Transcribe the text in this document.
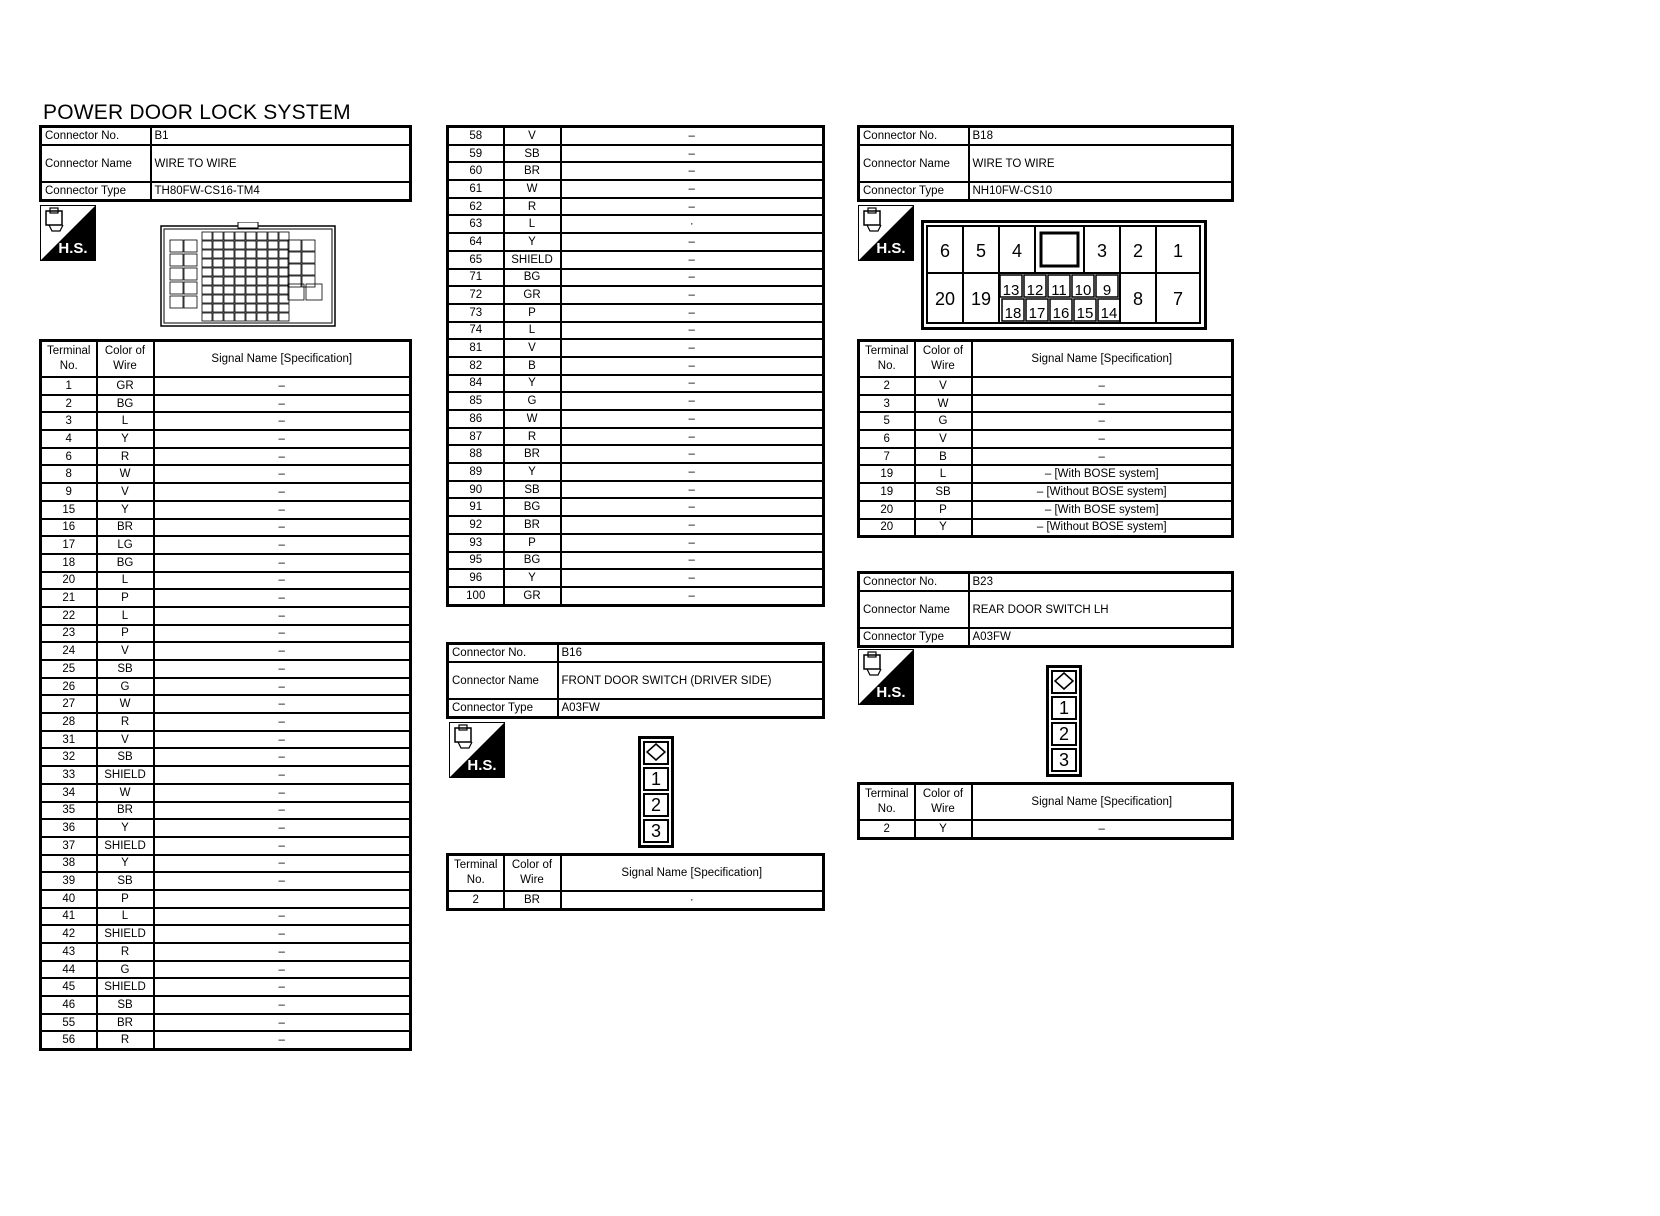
POWER DOOR LOCK SYSTEM
Connector No.	B1
Connector Name	WIRE TO WIRE
Connector Type	TH80FW-CS16-TM4
H.S.
Terminal No.	Color of Wire	Signal Name [Specification]
1	GR	–
2	BG	–
3	L	–
4	Y	–
6	R	–
8	W	–
9	V	–
15	Y	–
16	BR	–
17	LG	–
18	BG	–
20	L	–
21	P	–
22	L	–
23	P	–
24	V	–
25	SB	–
26	G	–
27	W	–
28	R	–
31	V	–
32	SB	–
33	SHIELD	–
34	W	–
35	BR	–
36	Y	–
37	SHIELD	–
38	Y	–
39	SB	–
40	P	
41	L	–
42	SHIELD	–
43	R	–
44	G	–
45	SHIELD	–
46	SB	–
55	BR	–
56	R	–
58	V	–
59	SB	–
60	BR	–
61	W	–
62	R	–
63	L	·
64	Y	–
65	SHIELD	–
71	BG	–
72	GR	–
73	P	–
74	L	–
81	V	–
82	B	–
84	Y	–
85	G	–
86	W	–
87	R	–
88	BR	–
89	Y	–
90	SB	–
91	BG	–
92	BR	–
93	P	–
95	BG	–
96	Y	–
100	GR	–
Connector No.	B16
Connector Name	FRONT DOOR SWITCH (DRIVER SIDE)
Connector Type	A03FW
H.S.
1
2
3
Terminal No.	Color of Wire	Signal Name [Specification]
2	BR	·
Connector No.	B18
Connector Name	WIRE TO WIRE
Connector Type	NH10FW-CS10
H.S. 6 5 4	3 2 1
20 19	8 7
13 12 11 10 9
18 17 16 15 14
Terminal No.	Color of Wire	Signal Name [Specification]
2	V	–
3	W	–
5	G	–
6	V	–
7	B	–
19	L	– [With BOSE system]
19	SB	– [Without BOSE system]
20	P	– [With BOSE system]
20	Y	– [Without BOSE system]
Connector No.	B23
Connector Name	REAR DOOR SWITCH LH
Connector Type	A03FW
H.S.
1
2
3
Terminal No.	Color of Wire	Signal Name [Specification]
2	Y	–
